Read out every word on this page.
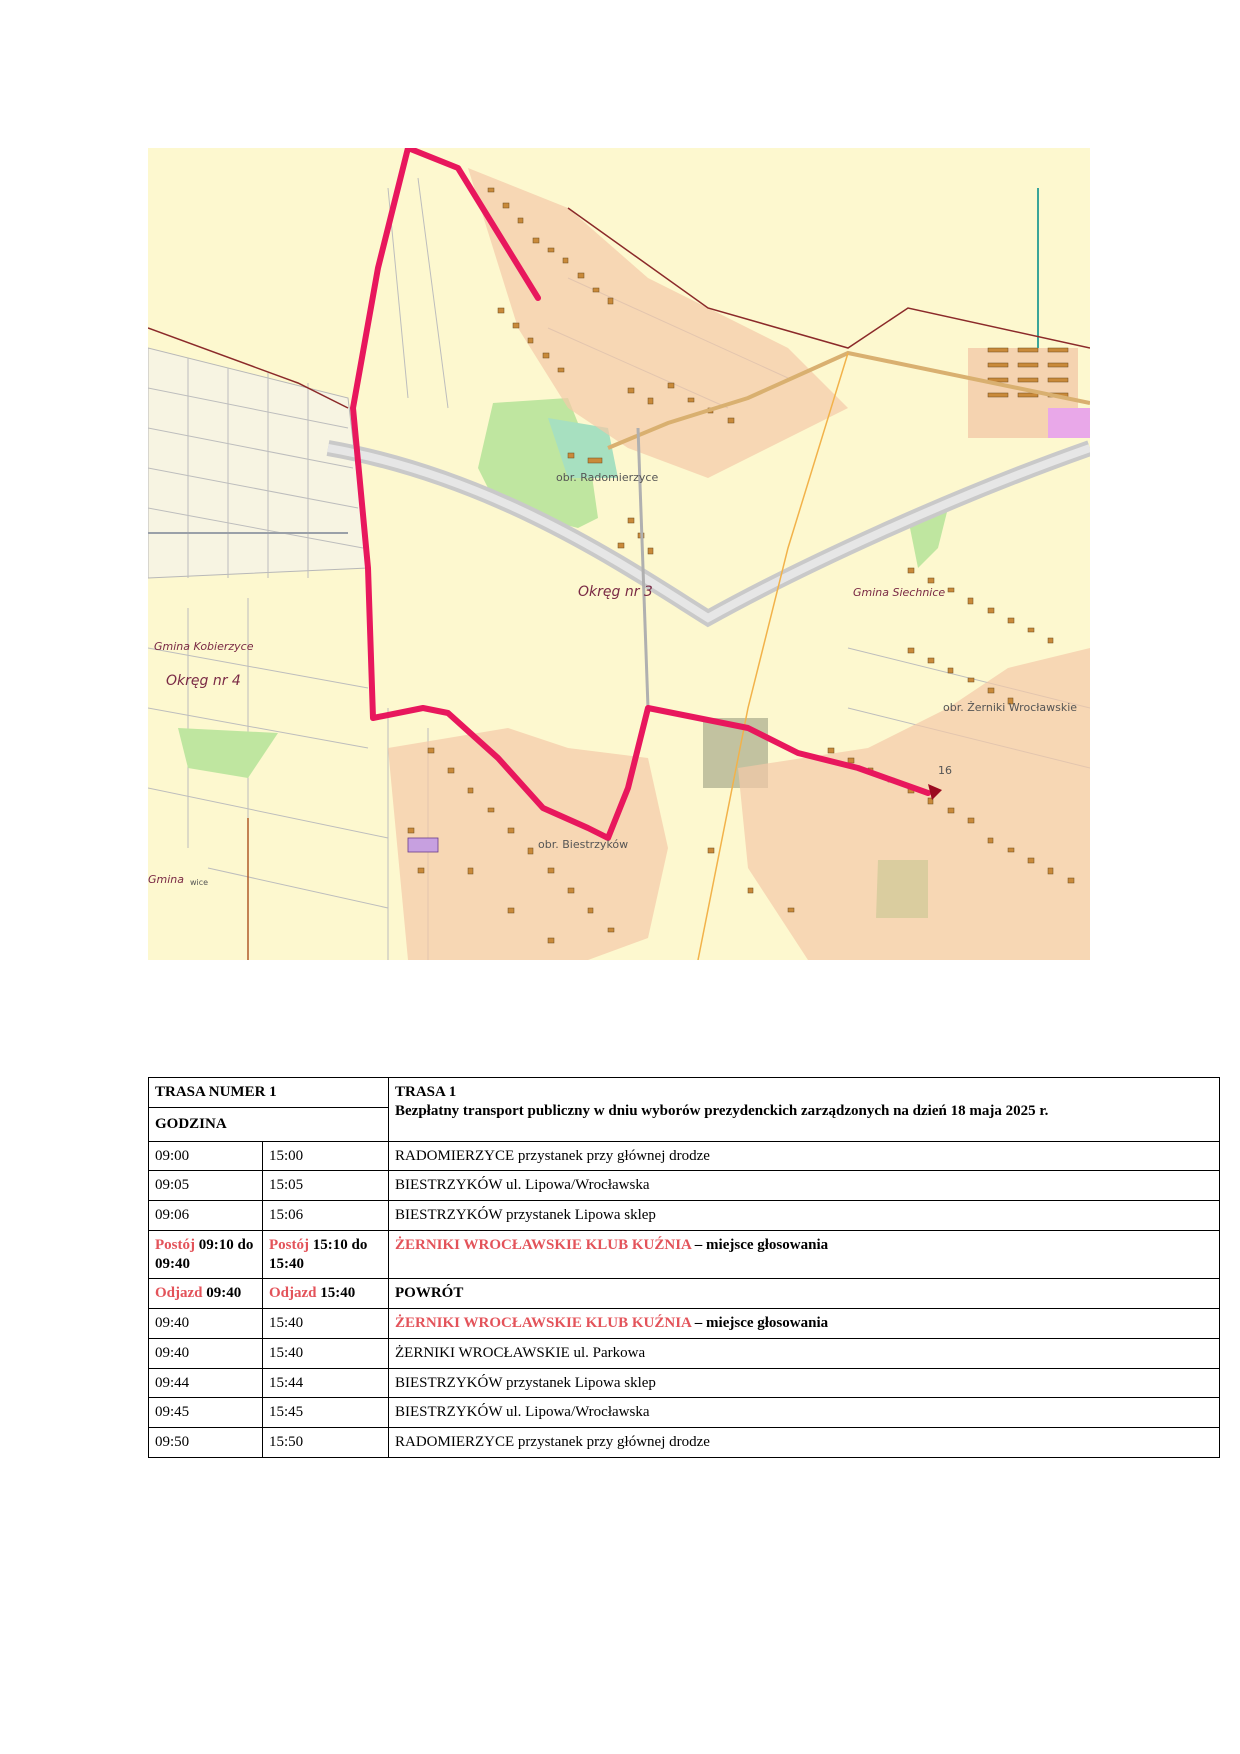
16
obr. Radomierzyce
Okręg nr 3
Gmina Kobierzyce
Okręg nr 4
Gmina Siechnice
obr. Żerniki Wrocławskie
obr. Biestrzyków
Gmina wice
TRASA NUMER 1		TRASA 1
Bezpłatny transport publiczny w dniu wyborów prezydenckich zarządzonych na dzień 18 maja 2025 r.

GODZINA		
09:00	15:00	RADOMIERZYCE przystanek przy głównej drodze
09:05	15:05	BIESTRZYKÓW ul. Lipowa/Wrocławska
09:06	15:06	BIESTRZYKÓW przystanek Lipowa sklep
Postój 09:10 do 09:40	Postój 15:10 do 15:40	ŻERNIKI WROCŁAWSKIE KLUB KUŹNIA – miejsce głosowania
Odjazd 09:40	Odjazd 15:40	POWRÓT
09:40	15:40	ŻERNIKI WROCŁAWSKIE KLUB KUŹNIA – miejsce głosowania
09:40	15:40	ŻERNIKI WROCŁAWSKIE ul. Parkowa
09:44	15:44	BIESTRZYKÓW przystanek Lipowa sklep
09:45	15:45	BIESTRZYKÓW ul. Lipowa/Wrocławska
09:50	15:50	RADOMIERZYCE przystanek przy głównej drodze
